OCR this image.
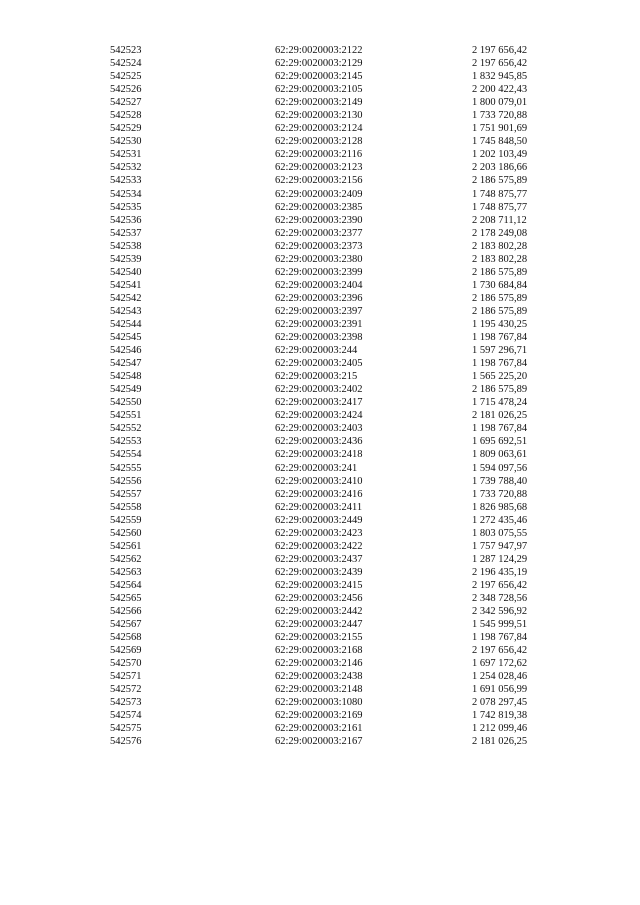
542523	62:29:0020003:2122	2 197 656,42
542524	62:29:0020003:2129	2 197 656,42
542525	62:29:0020003:2145	1 832 945,85
542526	62:29:0020003:2105	2 200 422,43
542527	62:29:0020003:2149	1 800 079,01
542528	62:29:0020003:2130	1 733 720,88
542529	62:29:0020003:2124	1 751 901,69
542530	62:29:0020003:2128	1 745 848,50
542531	62:29:0020003:2116	1 202 103,49
542532	62:29:0020003:2123	2 203 186,66
542533	62:29:0020003:2156	2 186 575,89
542534	62:29:0020003:2409	1 748 875,77
542535	62:29:0020003:2385	1 748 875,77
542536	62:29:0020003:2390	2 208 711,12
542537	62:29:0020003:2377	2 178 249,08
542538	62:29:0020003:2373	2 183 802,28
542539	62:29:0020003:2380	2 183 802,28
542540	62:29:0020003:2399	2 186 575,89
542541	62:29:0020003:2404	1 730 684,84
542542	62:29:0020003:2396	2 186 575,89
542543	62:29:0020003:2397	2 186 575,89
542544	62:29:0020003:2391	1 195 430,25
542545	62:29:0020003:2398	1 198 767,84
542546	62:29:0020003:244	1 597 296,71
542547	62:29:0020003:2405	1 198 767,84
542548	62:29:0020003:215	1 565 225,20
542549	62:29:0020003:2402	2 186 575,89
542550	62:29:0020003:2417	1 715 478,24
542551	62:29:0020003:2424	2 181 026,25
542552	62:29:0020003:2403	1 198 767,84
542553	62:29:0020003:2436	1 695 692,51
542554	62:29:0020003:2418	1 809 063,61
542555	62:29:0020003:241	1 594 097,56
542556	62:29:0020003:2410	1 739 788,40
542557	62:29:0020003:2416	1 733 720,88
542558	62:29:0020003:2411	1 826 985,68
542559	62:29:0020003:2449	1 272 435,46
542560	62:29:0020003:2423	1 803 075,55
542561	62:29:0020003:2422	1 757 947,97
542562	62:29:0020003:2437	1 287 124,29
542563	62:29:0020003:2439	2 196 435,19
542564	62:29:0020003:2415	2 197 656,42
542565	62:29:0020003:2456	2 348 728,56
542566	62:29:0020003:2442	2 342 596,92
542567	62:29:0020003:2447	1 545 999,51
542568	62:29:0020003:2155	1 198 767,84
542569	62:29:0020003:2168	2 197 656,42
542570	62:29:0020003:2146	1 697 172,62
542571	62:29:0020003:2438	1 254 028,46
542572	62:29:0020003:2148	1 691 056,99
542573	62:29:0020003:1080	2 078 297,45
542574	62:29:0020003:2169	1 742 819,38
542575	62:29:0020003:2161	1 212 099,46
542576	62:29:0020003:2167	2 181 026,25
